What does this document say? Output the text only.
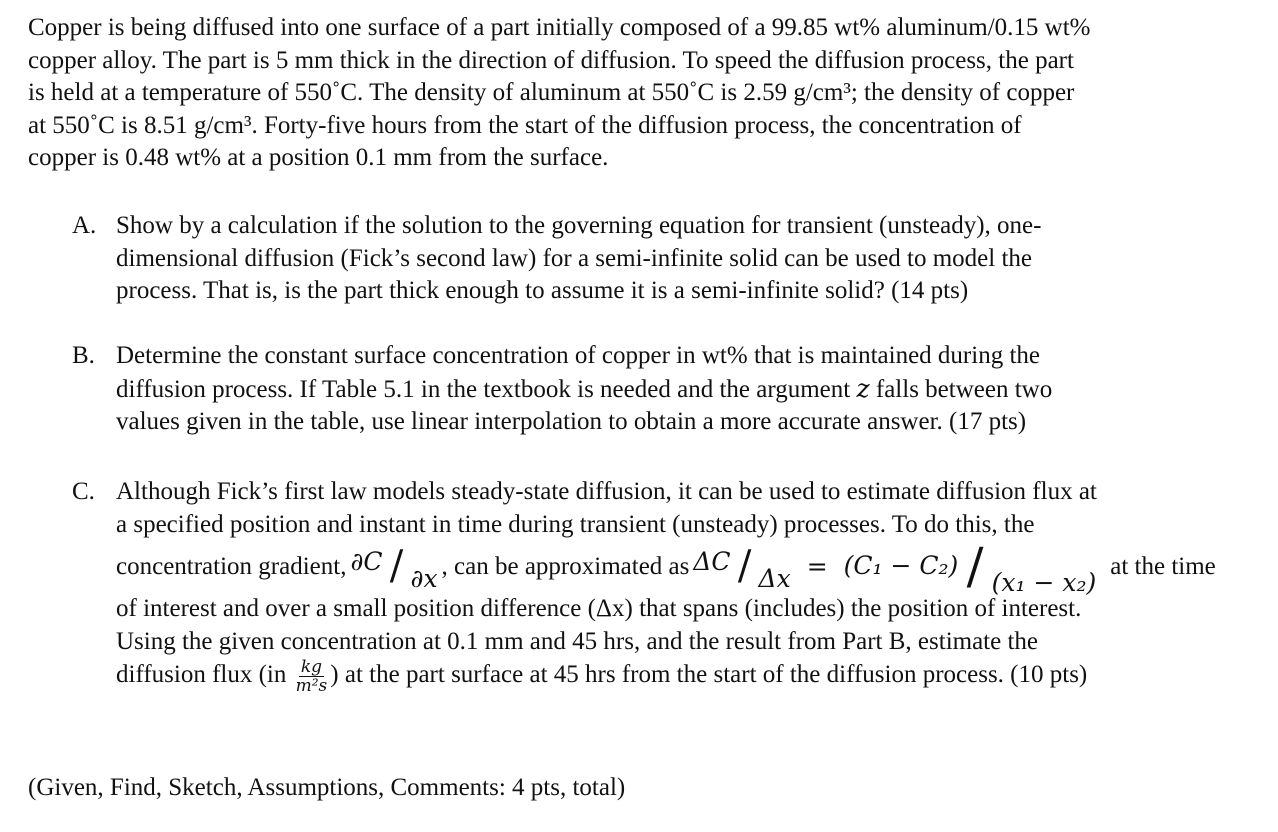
Copper is being diffused into one surface of a part initially composed of a 99.85 wt% aluminum/0.15 wt%
copper alloy. The part is 5 mm thick in the direction of diffusion. To speed the diffusion process, the part
is held at a temperature of 550˚C. The density of aluminum at 550˚C is 2.59 g/cm³; the density of copper
at 550˚C is 8.51 g/cm³. Forty-five hours from the start of the diffusion process, the concentration of
copper is 0.48 wt% at a position 0.1 mm from the surface.
A. Show by a calculation if the solution to the governing equation for transient (unsteady), one-
dimensional diffusion (Fick’s second law) for a semi-infinite solid can be used to model the
process. That is, is the part thick enough to assume it is a semi-infinite solid? (14 pts)
B. Determine the constant surface concentration of copper in wt% that is maintained during the
diffusion process. If Table 5.1 in the textbook is needed and the argument z falls between two
values given in the table, use linear interpolation to obtain a more accurate answer. (17 pts)
C. Although Fick’s first law models steady-state diffusion, it can be used to estimate diffusion flux at
a specified position and instant in time during transient (unsteady) processes. To do this, the
concentration gradient, ∂C / ∂x , can be approximated as ΔC / Δx = (C₁ − C₂) / (x₁ − x₂)
at the time
of interest and over a small position difference (Δx) that spans (includes) the position of interest.
Using the given concentration at 0.1 mm and 45 hrs, and the result from Part B, estimate the
diffusion flux ($in \frac{kg}{\text{m²s}}$ ) at the part surface at 45 hrs from the start of the diffusion process. (10 pts)
(Given, Find, Sketch, Assumptions, Comments: 4 pts, total)
